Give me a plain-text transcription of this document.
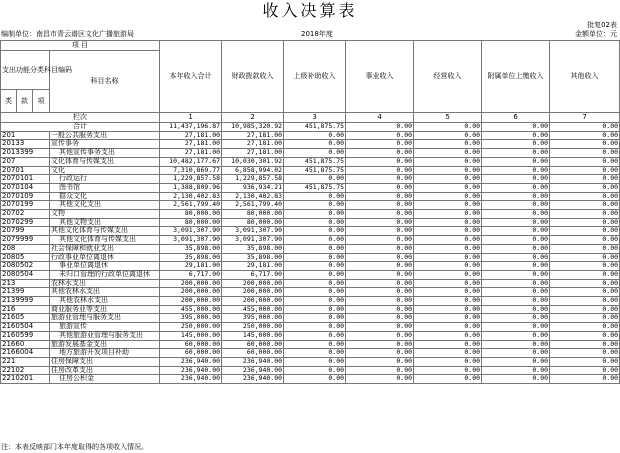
收入决算表
批复02表
编制单位：南昌市青云谱区文化广播旅游局	2018年度	金额单位：元
项 目				本年收入合计	财政拨款收入	上级补助收入	事业收入	经营收入	附属单位上缴收入	其他收入
支出功能分类科目编码			科目名称							
类	款	项								
栏次				1	2	3	4	5	6	7
合计				11,437,196.87	10,985,320.92	451,875.75	0.00	0.00	0.00	0.00
201			一般公共服务支出	27,181.00	27,181.00	0.00	0.00	0.00	0.00	0.00
20133			宣传事务	27,181.00	27,181.00	0.00	0.00	0.00	0.00	0.00
2013399			其他宣传事务支出	27,181.00	27,181.00	0.00	0.00	0.00	0.00	0.00
207			文化体育与传媒支出	10,482,177.67	10,030,301.92	451,875.75	0.00	0.00	0.00	0.00
20701			文化	7,310,869.77	6,858,994.02	451,875.75	0.00	0.00	0.00	0.00
2070101			行政运行	1,229,857.58	1,229,857.58	0.00	0.00	0.00	0.00	0.00
2070104			图书馆	1,388,809.96	936,934.21	451,875.75	0.00	0.00	0.00	0.00
2070109			群众文化	2,130,402.83	2,130,402.83	0.00	0.00	0.00	0.00	0.00
2070199			其他文化支出	2,561,799.40	2,561,799.40	0.00	0.00	0.00	0.00	0.00
20702			文物	80,000.00	80,000.00	0.00	0.00	0.00	0.00	0.00
2070299			其他文物支出	80,000.00	80,000.00	0.00	0.00	0.00	0.00	0.00
20799			其他文化体育与传媒支出	3,091,307.90	3,091,307.90	0.00	0.00	0.00	0.00	0.00
2079999			其他文化体育与传媒支出	3,091,307.90	3,091,307.90	0.00	0.00	0.00	0.00	0.00
208			社会保障和就业支出	35,898.00	35,898.00	0.00	0.00	0.00	0.00	0.00
20805			行政事业单位离退休	35,898.00	35,898.00	0.00	0.00	0.00	0.00	0.00
2080502			事业单位离退休	29,181.00	29,181.00	0.00	0.00	0.00	0.00	0.00
2080504			未归口管理的行政单位离退休	6,717.00	6,717.00	0.00	0.00	0.00	0.00	0.00
213			农林水支出	200,000.00	200,000.00	0.00	0.00	0.00	0.00	0.00
21399			其他农林水支出	200,000.00	200,000.00	0.00	0.00	0.00	0.00	0.00
2139999			其他农林水支出	200,000.00	200,000.00	0.00	0.00	0.00	0.00	0.00
216			商业服务业等支出	455,000.00	455,000.00	0.00	0.00	0.00	0.00	0.00
21605			旅游业管理与服务支出	395,000.00	395,000.00	0.00	0.00	0.00	0.00	0.00
2160504			旅游宣传	250,000.00	250,000.00	0.00	0.00	0.00	0.00	0.00
2160599			其他旅游业管理与服务支出	145,000.00	145,000.00	0.00	0.00	0.00	0.00	0.00
21660			旅游发展基金支出	60,000.00	60,000.00	0.00	0.00	0.00	0.00	0.00
2166004			地方旅游开发项目补助	60,000.00	60,000.00	0.00	0.00	0.00	0.00	0.00
221			住房保障支出	236,940.00	236,940.00	0.00	0.00	0.00	0.00	0.00
22102			住房改革支出	236,940.00	236,940.00	0.00	0.00	0.00	0.00	0.00
2210201			住房公积金	236,940.00	236,940.00	0.00	0.00	0.00	0.00	0.00
注：本表反映部门本年度取得的各项收入情况。
